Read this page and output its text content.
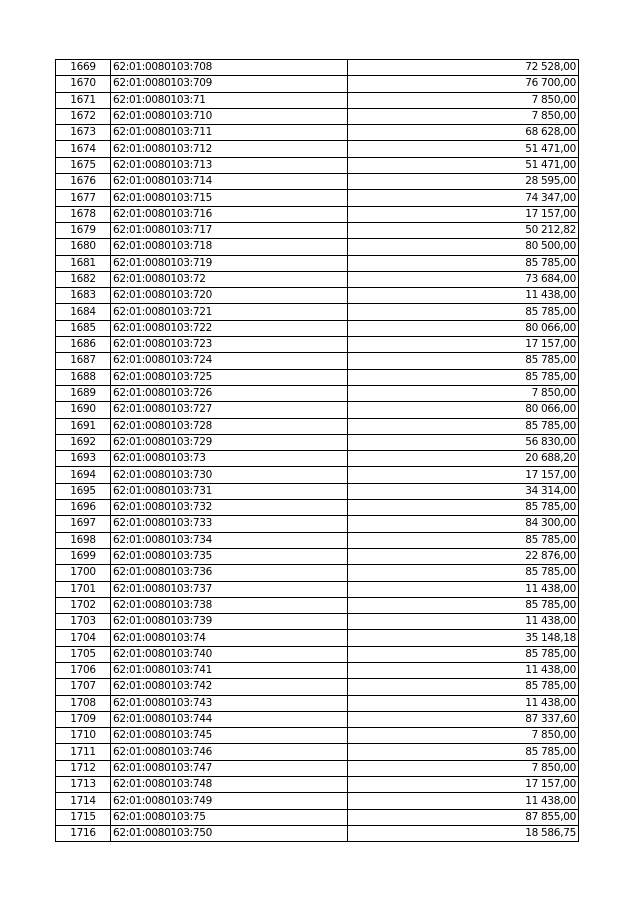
1669	62:01:0080103:708	72 528,00
1670	62:01:0080103:709	76 700,00
1671	62:01:0080103:71	7 850,00
1672	62:01:0080103:710	7 850,00
1673	62:01:0080103:711	68 628,00
1674	62:01:0080103:712	51 471,00
1675	62:01:0080103:713	51 471,00
1676	62:01:0080103:714	28 595,00
1677	62:01:0080103:715	74 347,00
1678	62:01:0080103:716	17 157,00
1679	62:01:0080103:717	50 212,82
1680	62:01:0080103:718	80 500,00
1681	62:01:0080103:719	85 785,00
1682	62:01:0080103:72	73 684,00
1683	62:01:0080103:720	11 438,00
1684	62:01:0080103:721	85 785,00
1685	62:01:0080103:722	80 066,00
1686	62:01:0080103:723	17 157,00
1687	62:01:0080103:724	85 785,00
1688	62:01:0080103:725	85 785,00
1689	62:01:0080103:726	7 850,00
1690	62:01:0080103:727	80 066,00
1691	62:01:0080103:728	85 785,00
1692	62:01:0080103:729	56 830,00
1693	62:01:0080103:73	20 688,20
1694	62:01:0080103:730	17 157,00
1695	62:01:0080103:731	34 314,00
1696	62:01:0080103:732	85 785,00
1697	62:01:0080103:733	84 300,00
1698	62:01:0080103:734	85 785,00
1699	62:01:0080103:735	22 876,00
1700	62:01:0080103:736	85 785,00
1701	62:01:0080103:737	11 438,00
1702	62:01:0080103:738	85 785,00
1703	62:01:0080103:739	11 438,00
1704	62:01:0080103:74	35 148,18
1705	62:01:0080103:740	85 785,00
1706	62:01:0080103:741	11 438,00
1707	62:01:0080103:742	85 785,00
1708	62:01:0080103:743	11 438,00
1709	62:01:0080103:744	87 337,60
1710	62:01:0080103:745	7 850,00
1711	62:01:0080103:746	85 785,00
1712	62:01:0080103:747	7 850,00
1713	62:01:0080103:748	17 157,00
1714	62:01:0080103:749	11 438,00
1715	62:01:0080103:75	87 855,00
1716	62:01:0080103:750	18 586,75
